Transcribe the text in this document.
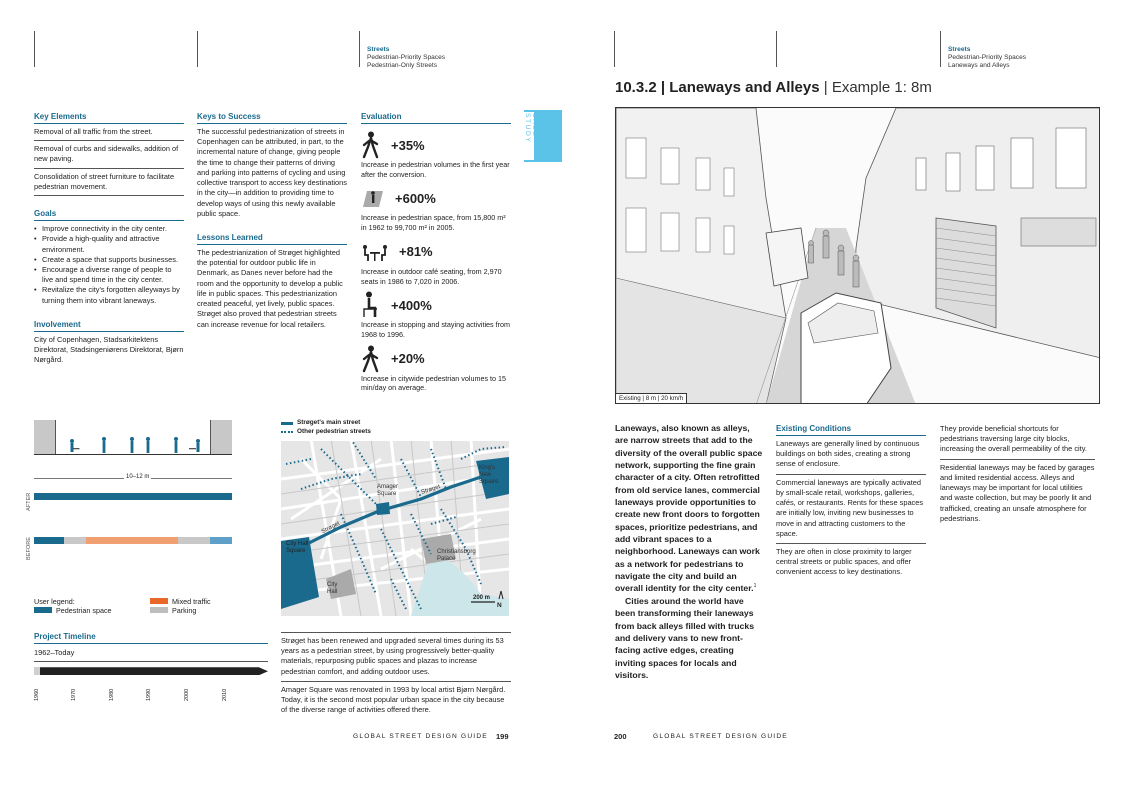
Streets
Pedestrian-Priority Spaces
Pedestrian-Only Streets
Key Elements
Removal of all traffic from the street.
Removal of curbs and sidewalks, addition of new paving.
Consolidation of street furniture to facilitate pedestrian movement.
Goals
• Improve connectivity in the city center.
• Provide a high-quality and attractive environment.
• Create a space that supports businesses.
• Encourage a diverse range of people to live and spend time in the city center.
• Revitalize the city's forgotten alleyways by turning them into vibrant laneways.
Involvement
City of Copenhagen, Stadsarkitektens Direktorat, Stadsingeniørens Direktorat, Bjørn Nørgård.
Keys to Success
The successful pedestrianization of streets in Copenhagen can be attributed, in part, to the incremental nature of change, giving people the time to change their patterns of driving and parking into patterns of cycling and using collective transport to access key destinations in the city—in addition to providing time to develop ways of using this newly available public space.
Lessons Learned
The pedestrianization of Strøget highlighted the potential for outdoor public life in Denmark, as Danes never before had the room and the opportunity to develop a public life in public spaces. This pedestrianization created peaceful, yet lively, public spaces. Strøget also proved that pedestrian streets can increase revenue for local retailers.
Evaluation
+35%
Increase in pedestrian volumes in the first year after the conversion.
+600%
Increase in pedestrian space, from 15,800 m² in 1962 to 99,700 m² in 2005.
+81%
Increase in outdoor café seating, from 2,970 seats in 1986 to 7,020 in 2006.
+400%
Increase in stopping and staying activities from 1968 to 1996.
+20%
Increase in citywide pedestrian volumes to 15 min/day on average.
CASE STUDY
10–12 m
AFTER
BEFORE
User legend:
Pedestrian space
Mixed traffic
Parking
Project Timeline
1962–Today
1960	1970	1980	1990	2000	2010
Strøget's main street
Other pedestrian streets
King's New Square
Amager Square	Strøget
Strøget
City Hall Square
City Hall
Christiansborg Palace
200 m
N
Strøget has been renewed and upgraded several times during its 53 years as a pedestrian street, by using progressively better-quality materials, repurposing public spaces and plazas to increase pedestrian comfort, and adding outdoor uses.
Amager Square was renovated in 1993 by local artist Bjørn Nørgård. Today, it is the second most popular urban space in the city because of the diverse range of activities offered there.
GLOBAL STREET DESIGN GUIDE 199
Streets
Pedestrian-Priority Spaces
Laneways and Alleys
10.3.2 | Laneways and Alleys | Example 1: 8m
Existing | 8 m | 20 km/h
Laneways, also known as alleys, are narrow streets that add to the diversity of the overall public space network, supporting the fine grain character of a city. Often retrofitted from old service lanes, commercial laneways provide opportunities to create new front doors to forgotten spaces, prioritize pedestrians, and add vibrant spaces to a neighborhood. Laneways can work as a network for pedestrians to navigate the city and build an overall identity for the city center.$^1$
Cities around the world have been transforming their laneways from back alleys filled with trucks and delivery vans to new front-facing active edges, creating inviting spaces for locals and visitors.
Existing Conditions
Laneways are generally lined by continuous buildings on both sides, creating a strong sense of enclosure.
Commercial laneways are typically activated by small-scale retail, workshops, galleries, cafés, or restaurants. Rents for these spaces are initially low, inviting new businesses to move in and attracting customers to the space.
They are often in close proximity to larger central streets or public spaces, and offer convenient access to key destinations.
They provide beneficial shortcuts for pedestrians traversing large city blocks, increasing the overall permeability of the city.
Residential laneways may be faced by garages and limited residential access. Alleys and laneways may be important for local utilities and waste collection, but may be poorly lit and trafficked, creating an unsafe atmosphere for pedestrians.
200	GLOBAL STREET DESIGN GUIDE
